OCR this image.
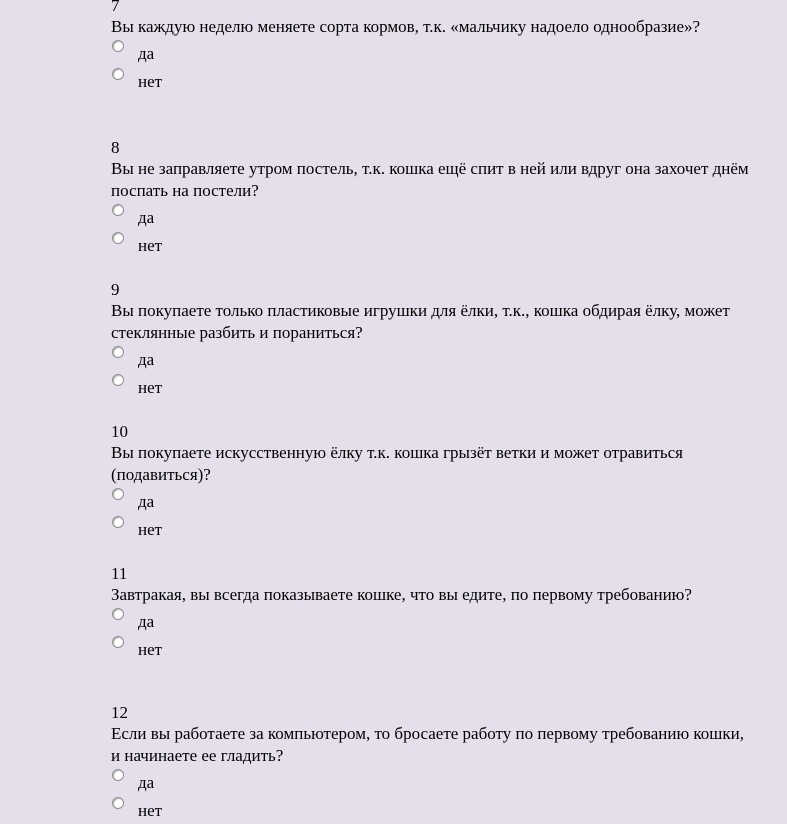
7
Вы каждую неделю меняете сорта кормов, т.к. «мальчику надоело однообразие»?
да
нет
8
Вы не заправляете утром постель, т.к. кошка ещё спит в ней или вдруг она захочет днём поспать на постели?
да
нет
9
Вы покупаете только пластиковые игрушки для ёлки, т.к., кошка обдирая ёлку, может стеклянные разбить и пораниться?
да
нет
10
Вы покупаете искусственную ёлку т.к. кошка грызёт ветки и может отравиться (подавиться)?
да
нет
11
Завтракая, вы всегда показываете кошке, что вы едите, по первому требованию?
да
нет
12
Если вы работаете за компьютером, то бросаете работу по первому требованию кошки, и начинаете ее гладить?
да
нет
